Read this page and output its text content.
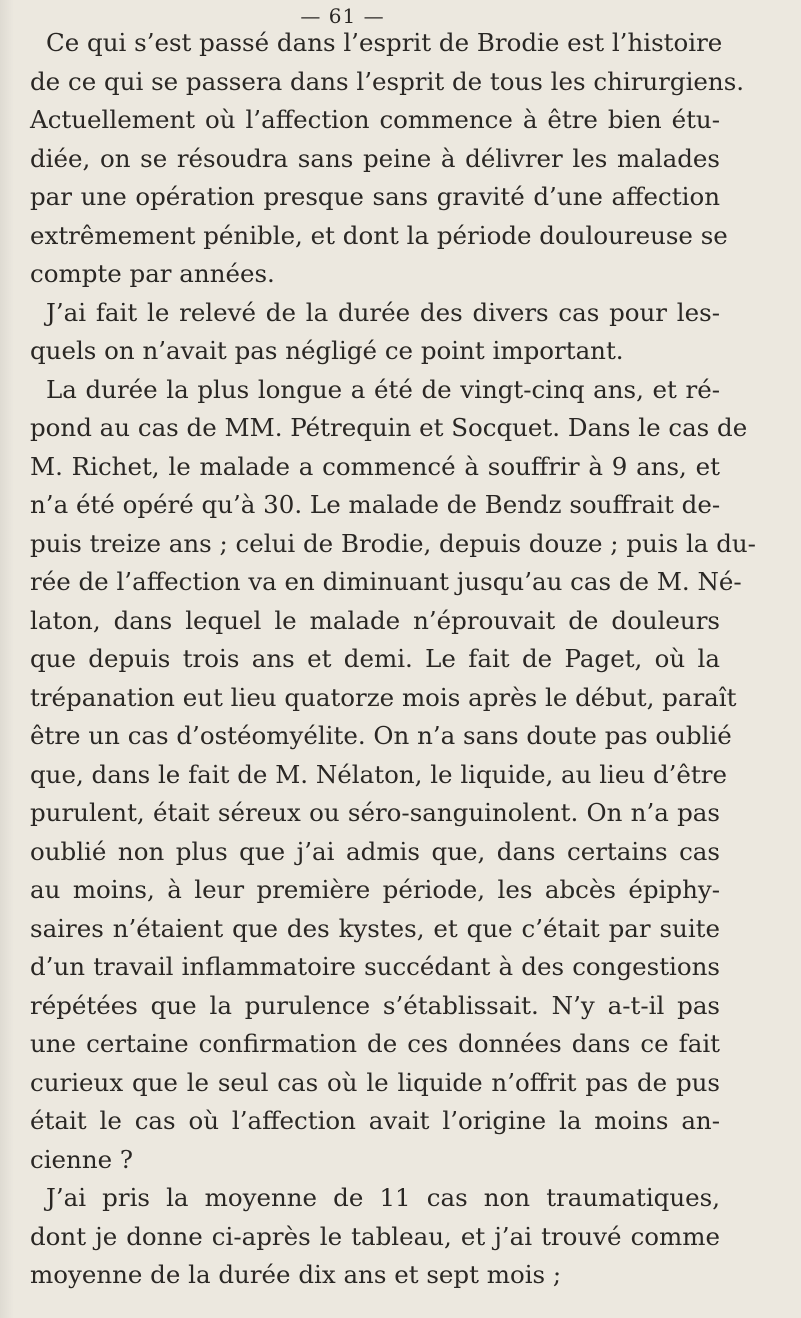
— 61 —
Ce qui s’est passé dans l’esprit de Brodie est l’histoire
de ce qui se passera dans l’esprit de tous les chirurgiens.
Actuellement où l’affection commence à être bien étu-
diée, on se résoudra sans peine à délivrer les malades
par une opération presque sans gravité d’une affection
extrêmement pénible, et dont la période douloureuse se
compte par années.
J’ai fait le relevé de la durée des divers cas pour les-
quels on n’avait pas négligé ce point important.
La durée la plus longue a été de vingt-cinq ans, et ré-
pond au cas de MM. Pétrequin et Socquet. Dans le cas de
M. Richet, le malade a commencé à souffrir à 9 ans, et
n’a été opéré qu’à 30. Le malade de Bendz souffrait de-
puis treize ans ; celui de Brodie, depuis douze ; puis la du-
rée de l’affection va en diminuant jusqu’au cas de M. Né-
laton, dans lequel le malade n’éprouvait de douleurs
que depuis trois ans et demi. Le fait de Paget, où la
trépanation eut lieu quatorze mois après le début, paraît
être un cas d’ostéomyélite. On n’a sans doute pas oublié
que, dans le fait de M. Nélaton, le liquide, au lieu d’être
purulent, était séreux ou séro-sanguinolent. On n’a pas
oublié non plus que j’ai admis que, dans certains cas
au moins, à leur première période, les abcès épiphy-
saires n’étaient que des kystes, et que c’était par suite
d’un travail inflammatoire succédant à des congestions
répétées que la purulence s’établissait. N’y a-t-il pas
une certaine confirmation de ces données dans ce fait
curieux que le seul cas où le liquide n’offrit pas de pus
était le cas où l’affection avait l’origine la moins an-
cienne ?
J’ai pris la moyenne de 11 cas non traumatiques,
dont je donne ci-après le tableau, et j’ai trouvé comme
moyenne de la durée dix ans et sept mois ;
